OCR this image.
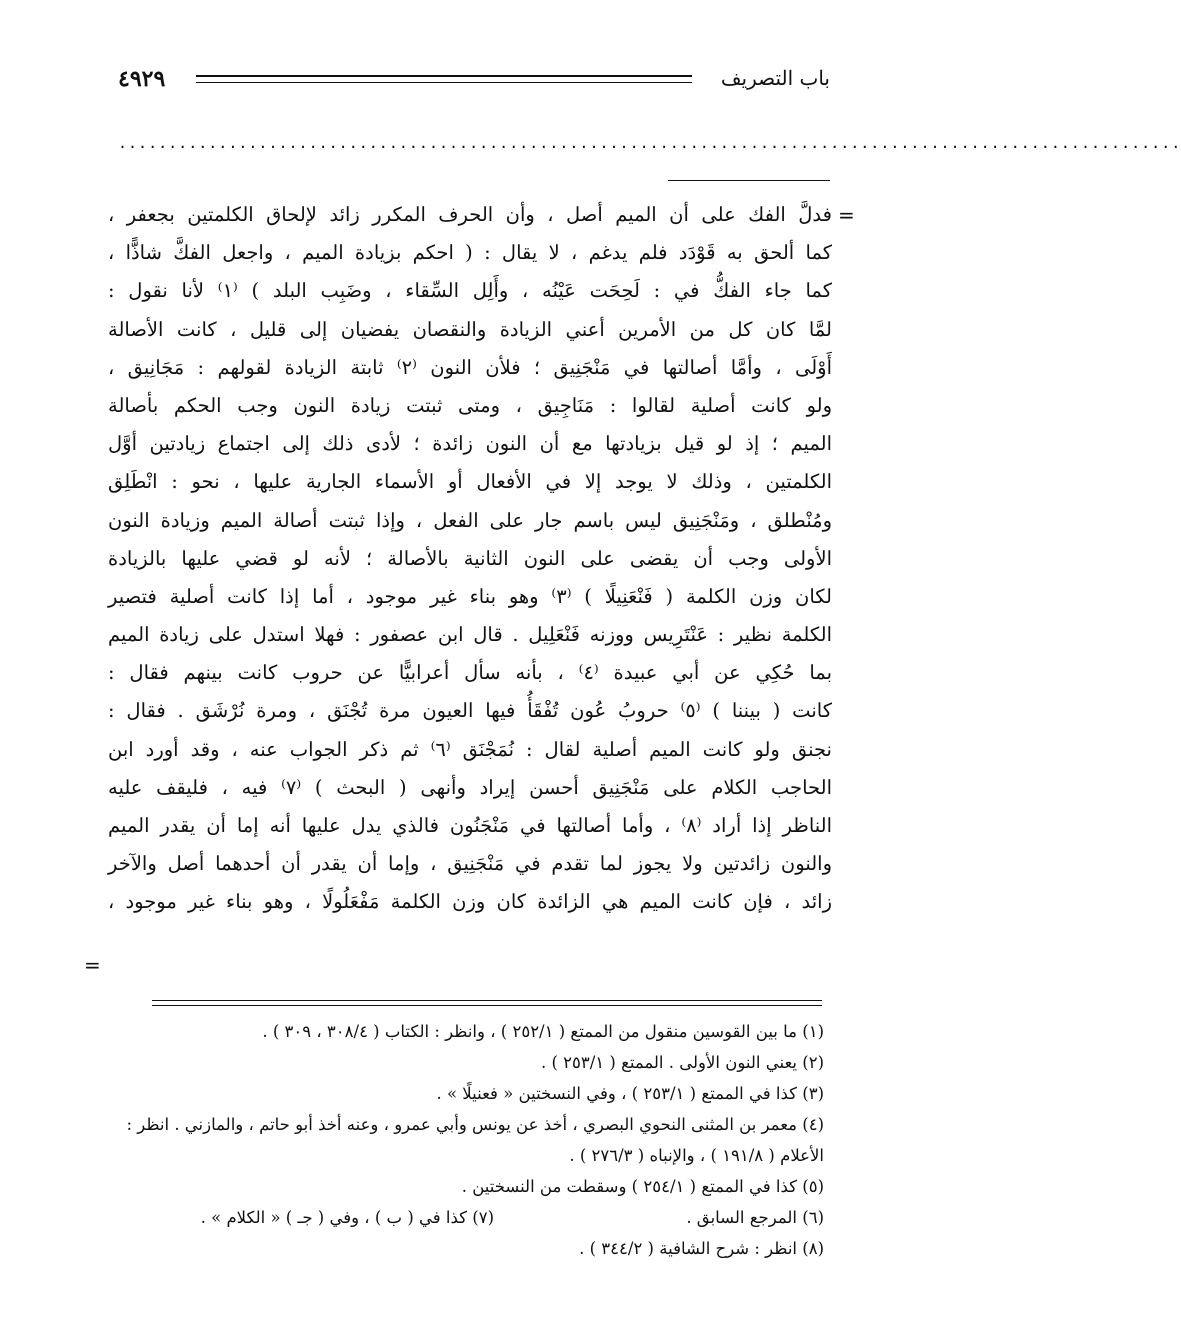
٤٩٢٩	باب التصريف
..........................................................................................................
=
فدلَّ الفك على أن الميم أصل ، وأن الحرف المكرر زائد لإلحاق الكلمتين بجعفر ،
كما ألحق به قَوْدَد فلم يدغم ، لا يقال : ( احكم بزيادة الميم ، واجعل الفكَّ شاذًّا ،
كما جاء الفكُّ في : لَحِحَت عَيْنُه ، وأَلِل السِّقاء ، وضَبِب البلد ) ⁽١⁾ لأنا نقول :
لمَّا كان كل من الأمرين أعني الزيادة والنقصان يفضيان إلى قليل ، كانت الأصالة
أَوْلَى ، وأمَّا أصالتها في مَنْجَنِيق ؛ فلأن النون ⁽٢⁾ ثابتة الزيادة لقولهم : مَجَانِيق ،
ولو كانت أصلية لقالوا : مَنَاجِيق ، ومتى ثبتت زيادة النون وجب الحكم بأصالة
الميم ؛ إذ لو قيل بزيادتها مع أن النون زائدة ؛ لأدى ذلك إلى اجتماع زيادتين أوَّل
الكلمتين ، وذلك لا يوجد إلا في الأفعال أو الأسماء الجارية عليها ، نحو : انْطَلِق
ومُنْطلق ، ومَنْجَنِيق ليس باسم جار على الفعل ، وإذا ثبتت أصالة الميم وزيادة النون
الأولى وجب أن يقضى على النون الثانية بالأصالة ؛ لأنه لو قضي عليها بالزيادة
لكان وزن الكلمة ( فَنْعَنِيلًا ) ⁽٣⁾ وهو بناء غير موجود ، أما إذا كانت أصلية فتصير
الكلمة نظير : عَنْتَرِيس ووزنه فَنْعَلِيل . قال ابن عصفور : فهلا استدل على زيادة الميم
بما حُكِي عن أبي عبيدة ⁽٤⁾ ، بأنه سأل أعرابيًّا عن حروب كانت بينهم فقال :
كانت ( بيننا ) ⁽٥⁾ حروبُ عُون تُفْقَأُ فيها العيون مرة تُجْنَق ، ومرة نُرْشَق . فقال :
نجنق ولو كانت الميم أصلية لقال : نُمَجْنَق ⁽٦⁾ ثم ذكر الجواب عنه ، وقد أورد ابن
الحاجب الكلام على مَنْجَنِيق أحسن إيراد وأنهى ( البحث ) ⁽٧⁾ فيه ، فليقف عليه
الناظر إذا أراد ⁽٨⁾ ، وأما أصالتها في مَنْجَنُون فالذي يدل عليها أنه إما أن يقدر الميم
والنون زائدتين ولا يجوز لما تقدم في مَنْجَنِيق ، وإما أن يقدر أن أحدهما أصل والآخر
زائد ، فإن كانت الميم هي الزائدة كان وزن الكلمة مَفْعَلُولًا ، وهو بناء غير موجود ،
=
(١) ما بين القوسين منقول من الممتع ( ٢٥٢/١ ) ، وانظر : الكتاب ( ٣٠٨/٤ ، ٣٠٩ ) .
(٢) يعني النون الأولى . الممتع ( ٢٥٣/١ ) .
(٣) كذا في الممتع ( ٢٥٣/١ ) ، وفي النسختين « فعنيلًا » .
(٤) معمر بن المثنى النحوي البصري ، أخذ عن يونس وأبي عمرو ، وعنه أخذ أبو حاتم ، والمازني . انظر :
الأعلام ( ١٩١/٨ ) ، والإنباه ( ٢٧٦/٣ ) .
(٥) كذا في الممتع ( ٢٥٤/١ ) وسقطت من النسختين .
(٦) المرجع السابق .
(٧) كذا في ( ب ) ، وفي ( جـ ) « الكلام » .
(٨) انظر : شرح الشافية ( ٣٤٤/٢ ) .
